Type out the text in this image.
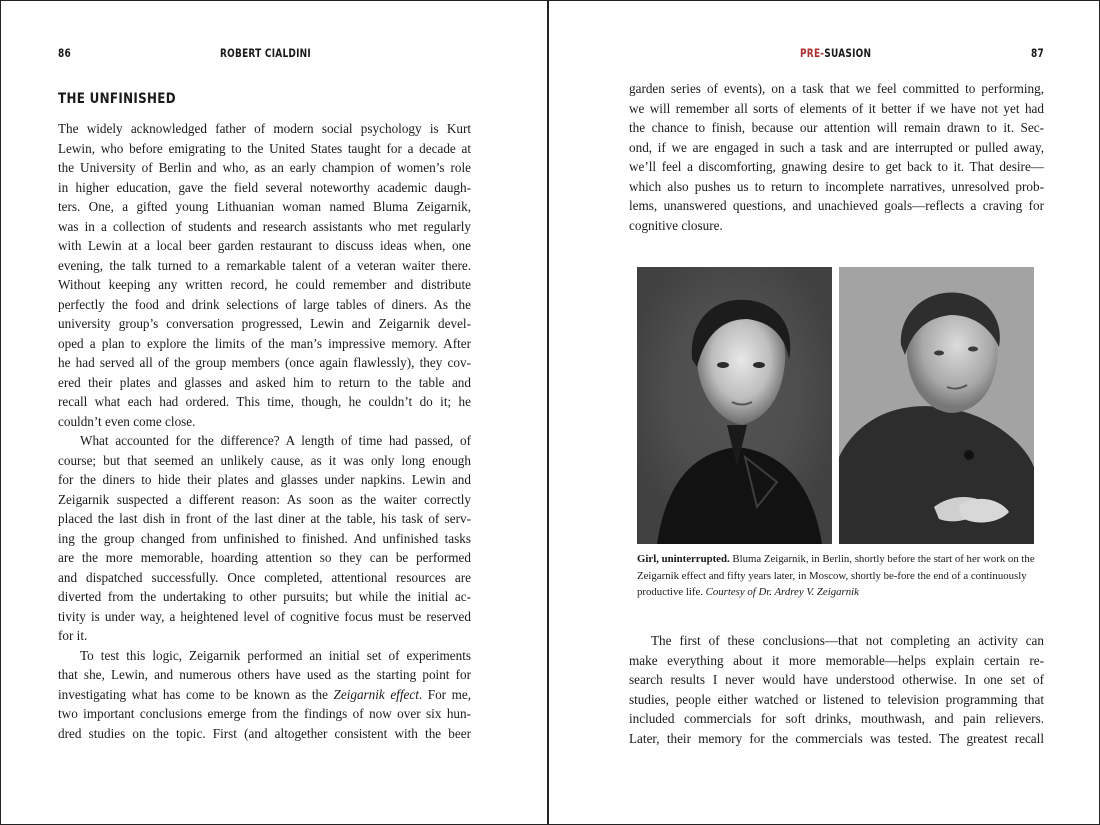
86	ROBERT CIALDINI
THE UNFINISHED
The widely acknowledged father of modern social psychology is Kurt
Lewin, who before emigrating to the United States taught for a decade at
the University of Berlin and who, as an early champion of women’s role
in higher education, gave the field several noteworthy academic daugh-
ters. One, a gifted young Lithuanian woman named Bluma Zeigarnik,
was in a collection of students and research assistants who met regularly
with Lewin at a local beer garden restaurant to discuss ideas when, one
evening, the talk turned to a remarkable talent of a veteran waiter there.
Without keeping any written record, he could remember and distribute
perfectly the food and drink selections of large tables of diners. As the
university group’s conversation progressed, Lewin and Zeigarnik devel-
oped a plan to explore the limits of the man’s impressive memory. After
he had served all of the group members (once again flawlessly), they cov-
ered their plates and glasses and asked him to return to the table and
recall what each had ordered. This time, though, he couldn’t do it; he
couldn’t even come close.
What accounted for the difference? A length of time had passed, of
course; but that seemed an unlikely cause, as it was only long enough
for the diners to hide their plates and glasses under napkins. Lewin and
Zeigarnik suspected a different reason: As soon as the waiter correctly
placed the last dish in front of the last diner at the table, his task of serv-
ing the group changed from unfinished to finished. And unfinished tasks
are the more memorable, hoarding attention so they can be performed
and dispatched successfully. Once completed, attentional resources are
diverted from the undertaking to other pursuits; but while the initial ac-
tivity is under way, a heightened level of cognitive focus must be reserved
for it.
To test this logic, Zeigarnik performed an initial set of experiments
that she, Lewin, and numerous others have used as the starting point for
investigating what has come to be known as the Zeigarnik effect. For me,
two important conclusions emerge from the findings of now over six hun-
dred studies on the topic. First (and altogether consistent with the beer
PRE-SUASION	87
garden series of events), on a task that we feel committed to performing,
we will remember all sorts of elements of it better if we have not yet had
the chance to finish, because our attention will remain drawn to it. Sec-
ond, if we are engaged in such a task and are interrupted or pulled away,
we’ll feel a discomforting, gnawing desire to get back to it. That desire—
which also pushes us to return to incomplete narratives, unresolved prob-
lems, unanswered questions, and unachieved goals—reflects a craving for
cognitive closure.
Girl, uninterrupted. Bluma Zeigarnik, in Berlin, shortly before the start of her work on the Zeigarnik effect and fifty years later, in Moscow, shortly be-fore the end of a continuously productive life. Courtesy of Dr. Ardrey V. Zeigarnik
The first of these conclusions—that not completing an activity can
make everything about it more memorable—helps explain certain re-
search results I never would have understood otherwise. In one set of
studies, people either watched or listened to television programming that
included commercials for soft drinks, mouthwash, and pain relievers.
Later, their memory for the commercials was tested. The greatest recall
